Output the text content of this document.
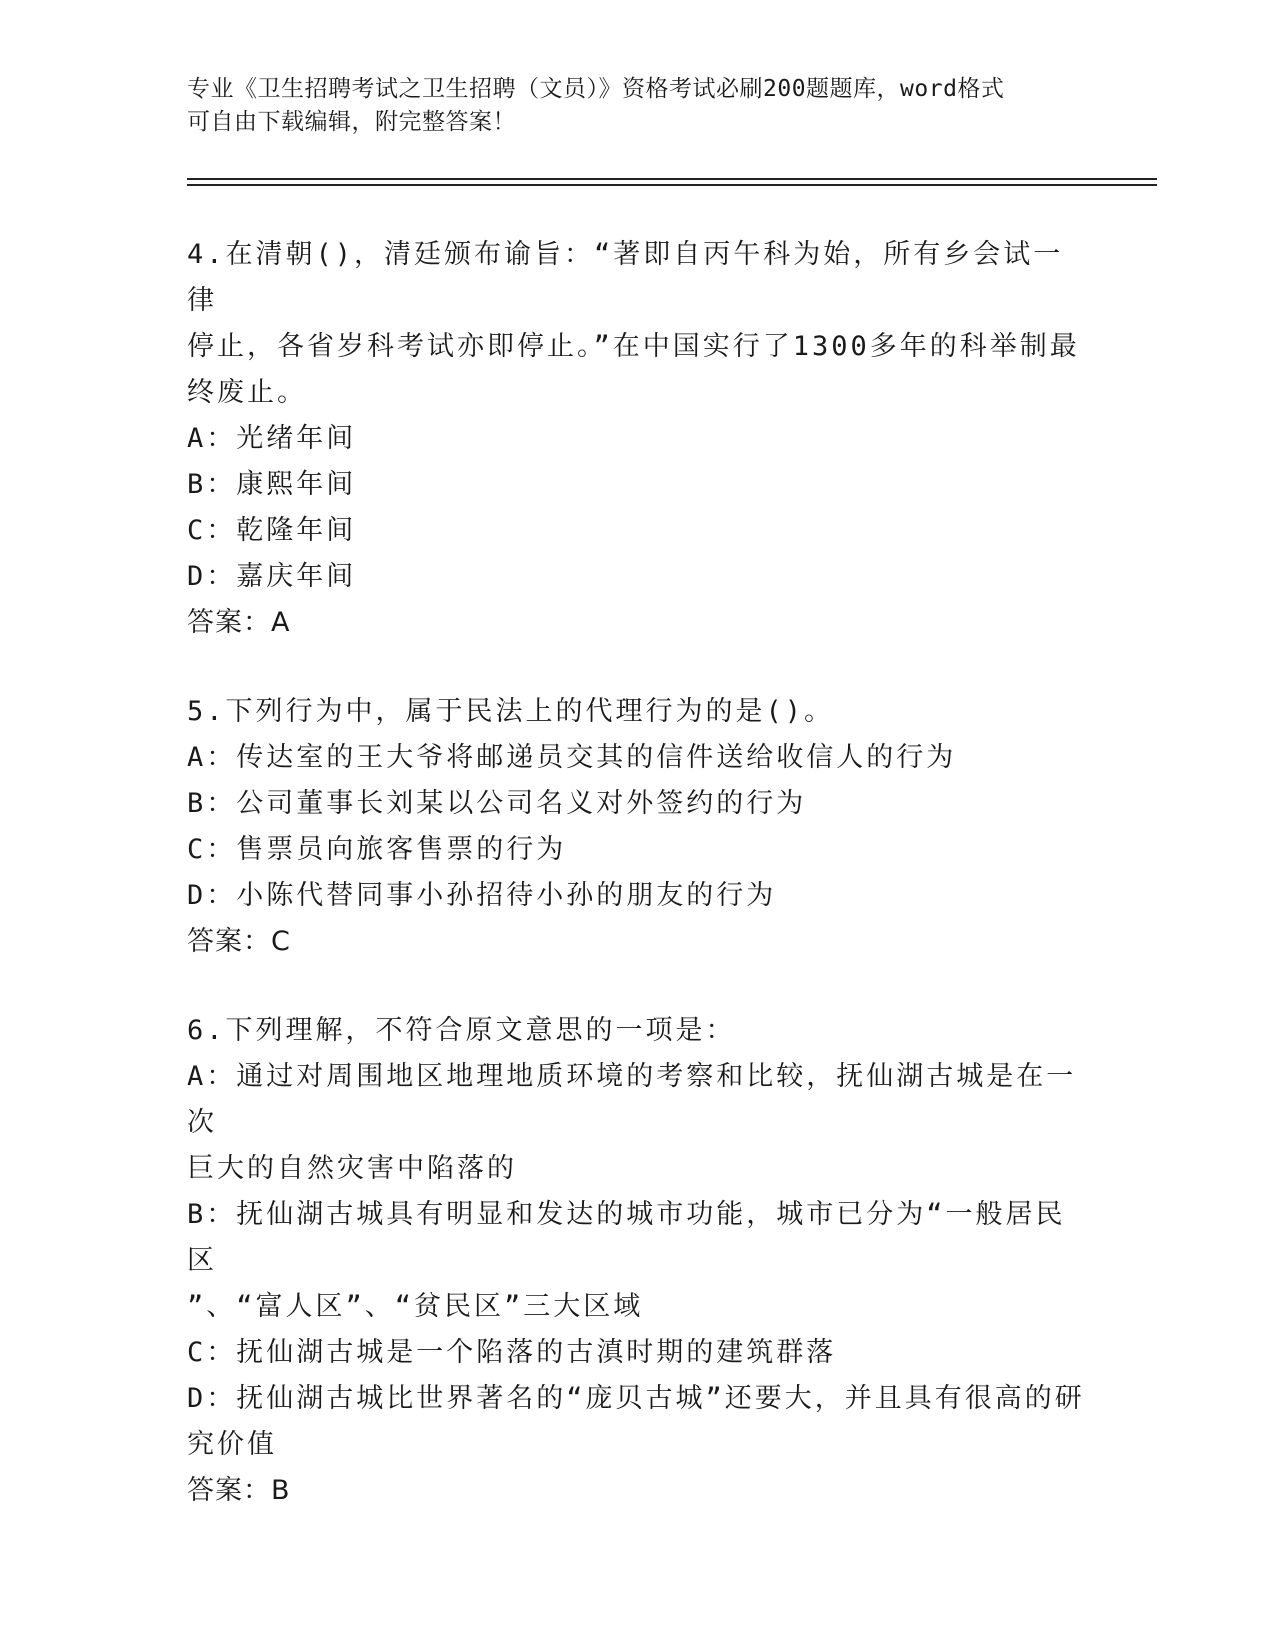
专业《卫生招聘考试之卫生招聘（文员）》资格考试必刷200题题库，word格式
可自由下载编辑，附完整答案！
4.在清朝()，清廷颁布谕旨：“著即自丙午科为始，所有乡会试一律
停止，各省岁科考试亦即停止。”在中国实行了1300多年的科举制最
终废止。
A：光绪年间
B：康熙年间
C：乾隆年间
D：嘉庆年间
答案：A
5.下列行为中，属于民法上的代理行为的是()。
A：传达室的王大爷将邮递员交其的信件送给收信人的行为
B：公司董事长刘某以公司名义对外签约的行为
C：售票员向旅客售票的行为
D：小陈代替同事小孙招待小孙的朋友的行为
答案：C
6.下列理解，不符合原文意思的一项是：
A：通过对周围地区地理地质环境的考察和比较，抚仙湖古城是在一次
巨大的自然灾害中陷落的
B：抚仙湖古城具有明显和发达的城市功能，城市已分为“一般居民区
”、“富人区”、“贫民区”三大区域
C：抚仙湖古城是一个陷落的古滇时期的建筑群落
D：抚仙湖古城比世界著名的“庞贝古城”还要大，并且具有很高的研
究价值
答案：B
